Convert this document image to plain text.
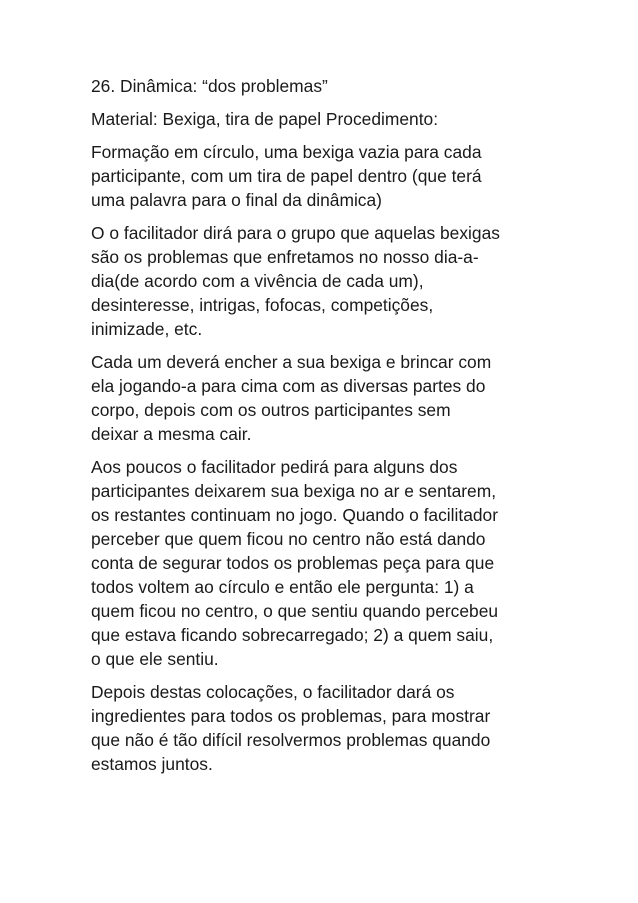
26. Dinâmica: “dos problemas”

Material: Bexiga, tira de papel Procedimento:

Formação em círculo, uma bexiga vazia para cada
participante, com um tira de papel dentro (que terá
uma palavra para o final da dinâmica)

O o facilitador dirá para o grupo que aquelas bexigas
são os problemas que enfretamos no nosso dia-a-
dia(de acordo com a vivência de cada um),
desinteresse, intrigas, fofocas, competições,
inimizade, etc.

Cada um deverá encher a sua bexiga e brincar com
ela jogando-a para cima com as diversas partes do
corpo, depois com os outros participantes sem
deixar a mesma cair.

Aos poucos o facilitador pedirá para alguns dos
participantes deixarem sua bexiga no ar e sentarem,
os restantes continuam no jogo. Quando o facilitador
perceber que quem ficou no centro não está dando
conta de segurar todos os problemas peça para que
todos voltem ao círculo e então ele pergunta: 1) a
quem ficou no centro, o que sentiu quando percebeu
que estava ficando sobrecarregado; 2) a quem saiu,
o que ele sentiu.

Depois destas colocações, o facilitador dará os
ingredientes para todos os problemas, para mostrar
que não é tão difícil resolvermos problemas quando
estamos juntos.
